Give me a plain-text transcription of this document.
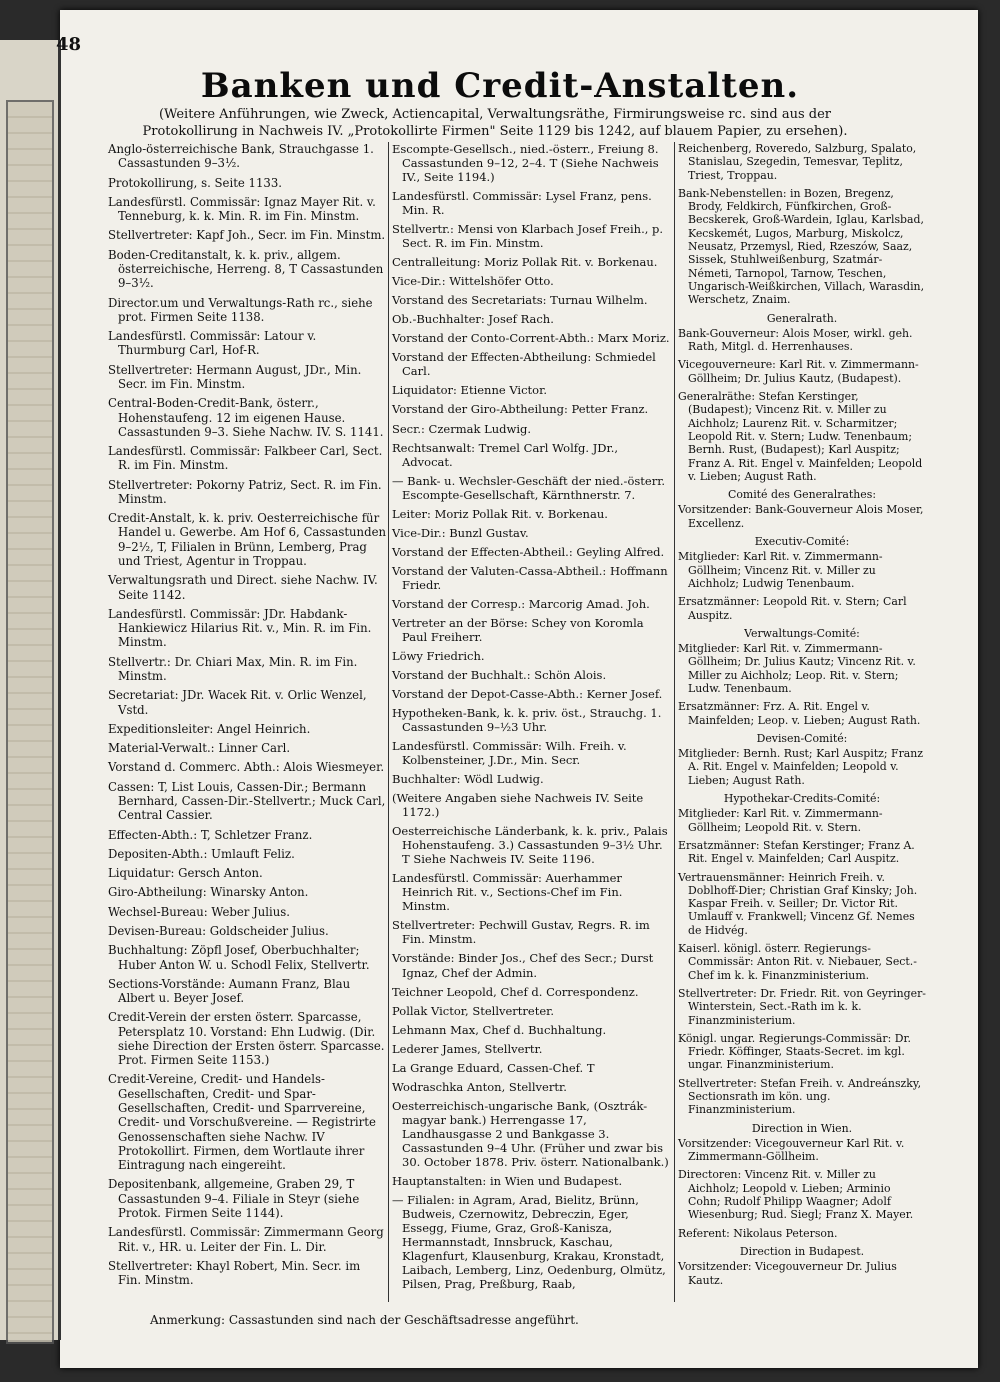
48
Banken und Credit-Anstalten.
(Weitere Anführungen, wie Zweck, Actiencapital, Verwaltungsräthe, Firmirungsweise rc. sind aus der Protokollirung in Nachweis IV. „Protokollirte Firmen" Seite 1129 bis 1242, auf blauem Papier, zu ersehen).
Anglo-österreichische Bank, Strauchgasse 1. Cassastunden 9–3½.
Protokollirung, s. Seite 1133.
Landesfürstl. Commissär: Ignaz Mayer Rit. v. Tenneburg, k. k. Min. R. im Fin. Minstm.
Stellvertreter: Kapf Joh., Secr. im Fin. Minstm.
Boden-Creditanstalt, k. k. priv., allgem. österreichische, Herreng. 8, T Cassastunden 9–3½.
Director.um und Verwaltungs-Rath rc., siehe prot. Firmen Seite 1138.
Landesfürstl. Commissär: Latour v. Thurmburg Carl, Hof-R.
Stellvertreter: Hermann August, JDr., Min. Secr. im Fin. Minstm.
Central-Boden-Credit-Bank, österr., Hohenstaufeng. 12 im eigenen Hause. Cassastunden 9–3. Siehe Nachw. IV. S. 1141.
Landesfürstl. Commissär: Falkbeer Carl, Sect. R. im Fin. Minstm.
Stellvertreter: Pokorny Patriz, Sect. R. im Fin. Minstm.
Credit-Anstalt, k. k. priv. Oesterreichische für Handel u. Gewerbe. Am Hof 6, Cassastunden 9–2½, T, Filialen in Brünn, Lemberg, Prag und Triest, Agentur in Troppau.
Verwaltungsrath und Direct. siehe Nachw. IV. Seite 1142.
Landesfürstl. Commissär: JDr. Habdank-Hankiewicz Hilarius Rit. v., Min. R. im Fin. Minstm.
Stellvertr.: Dr. Chiari Max, Min. R. im Fin. Minstm.
Secretariat: JDr. Wacek Rit. v. Orlic Wenzel, Vstd.
Expeditionsleiter: Angel Heinrich.
Material-Verwalt.: Linner Carl.
Vorstand d. Commerc. Abth.: Alois Wiesmeyer.
Cassen: T, List Louis, Cassen-Dir.; Bermann Bernhard, Cassen-Dir.-Stellvertr.; Muck Carl, Central Cassier.
Effecten-Abth.: T, Schletzer Franz.
Depositen-Abth.: Umlauft Feliz.
Liquidatur: Gersch Anton.
Giro-Abtheilung: Winarsky Anton.
Wechsel-Bureau: Weber Julius.
Devisen-Bureau: Goldscheider Julius.
Buchhaltung: Zöpfl Josef, Oberbuchhalter; Huber Anton W. u. Schodl Felix, Stellvertr.
Sections-Vorstände: Aumann Franz, Blau Albert u. Beyer Josef.
Credit-Verein der ersten österr. Sparcasse, Petersplatz 10. Vorstand: Ehn Ludwig. (Dir. siehe Direction der Ersten österr. Sparcasse. Prot. Firmen Seite 1153.)
Credit-Vereine, Credit- und Handels-Gesellschaften, Credit- und Spar-Gesellschaften, Credit- und Sparrvereine, Credit- und Vorschußvereine. — Registrirte Genossenschaften siehe Nachw. IV Protokollirt. Firmen, dem Wortlaute ihrer Eintragung nach eingereiht.
Depositenbank, allgemeine, Graben 29, T Cassastunden 9–4. Filiale in Steyr (siehe Protok. Firmen Seite 1144).
Landesfürstl. Commissär: Zimmermann Georg Rit. v., HR. u. Leiter der Fin. L. Dir.
Stellvertreter: Khayl Robert, Min. Secr. im Fin. Minstm.
Escompte-Gesellsch., nied.-österr., Freiung 8. Cassastunden 9–12, 2–4. T (Siehe Nachweis IV., Seite 1194.)
Landesfürstl. Commissär: Lysel Franz, pens. Min. R.
Stellvertr.: Mensi von Klarbach Josef Freih., p. Sect. R. im Fin. Minstm.
Centralleitung: Moriz Pollak Rit. v. Borkenau.
Vice-Dir.: Wittelshöfer Otto.
Vorstand des Secretariats: Turnau Wilhelm.
Ob.-Buchhalter: Josef Rach.
Vorstand der Conto-Corrent-Abth.: Marx Moriz.
Vorstand der Effecten-Abtheilung: Schmiedel Carl.
Liquidator: Etienne Victor.
Vorstand der Giro-Abtheilung: Petter Franz.
Secr.: Czermak Ludwig.
Rechtsanwalt: Tremel Carl Wolfg. JDr., Advocat.
— Bank- u. Wechsler-Geschäft der nied.-österr. Escompte-Gesellschaft, Kärnthnerstr. 7.
Leiter: Moriz Pollak Rit. v. Borkenau.
Vice-Dir.: Bunzl Gustav.
Vorstand der Effecten-Abtheil.: Geyling Alfred.
Vorstand der Valuten-Cassa-Abtheil.: Hoffmann Friedr.
Vorstand der Corresp.: Marcorig Amad. Joh.
Vertreter an der Börse: Schey von Koromla Paul Freiherr.
Löwy Friedrich.
Vorstand der Buchhalt.: Schön Alois.
Vorstand der Depot-Casse-Abth.: Kerner Josef.
Hypotheken-Bank, k. k. priv. öst., Strauchg. 1. Cassastunden 9–½3 Uhr.
Landesfürstl. Commissär: Wilh. Freih. v. Kolbensteiner, J.Dr., Min. Secr.
Buchhalter: Wödl Ludwig.
(Weitere Angaben siehe Nachweis IV. Seite 1172.)
Oesterreichische Länderbank, k. k. priv., Palais Hohenstaufeng. 3.) Cassastunden 9–3½ Uhr. T Siehe Nachweis IV. Seite 1196.
Landesfürstl. Commissär: Auerhammer Heinrich Rit. v., Sections-Chef im Fin. Minstm.
Stellvertreter: Pechwill Gustav, Regrs. R. im Fin. Minstm.
Vorstände: Binder Jos., Chef des Secr.; Durst Ignaz, Chef der Admin.
Teichner Leopold, Chef d. Correspondenz.
Pollak Victor, Stellvertreter.
Lehmann Max, Chef d. Buchhaltung.
Lederer James, Stellvertr.
La Grange Eduard, Cassen-Chef. T
Wodraschka Anton, Stellvertr.
Oesterreichisch-ungarische Bank, (Osztrák-magyar bank.) Herrengasse 17, Landhausgasse 2 und Bankgasse 3. Cassastunden 9–4 Uhr. (Früher und zwar bis 30. October 1878. Priv. österr. Nationalbank.)
Hauptanstalten: in Wien und Budapest.
— Filialen: in Agram, Arad, Bielitz, Brünn, Budweis, Czernowitz, Debreczin, Eger, Essegg, Fiume, Graz, Groß-Kanisza, Hermannstadt, Innsbruck, Kaschau, Klagenfurt, Klausenburg, Krakau, Kronstadt, Laibach, Lemberg, Linz, Oedenburg, Olmütz, Pilsen, Prag, Preßburg, Raab,
Reichenberg, Roveredo, Salzburg, Spalato, Stanislau, Szegedin, Temesvar, Teplitz, Triest, Troppau.
Bank-Nebenstellen: in Bozen, Bregenz, Brody, Feldkirch, Fünfkirchen, Groß-Becskerek, Groß-Wardein, Iglau, Karlsbad, Kecskemét, Lugos, Marburg, Miskolcz, Neusatz, Przemysl, Ried, Rzeszów, Saaz, Sissek, Stuhlweißenburg, Szatmár-Németi, Tarnopol, Tarnow, Teschen, Ungarisch-Weißkirchen, Villach, Warasdin, Werschetz, Znaim.
Generalrath.
Bank-Gouverneur: Alois Moser, wirkl. geh. Rath, Mitgl. d. Herrenhauses.
Vicegouverneure: Karl Rit. v. Zimmermann-Göllheim; Dr. Julius Kautz, (Budapest).
Generalräthe: Stefan Kerstinger, (Budapest); Vincenz Rit. v. Miller zu Aichholz; Laurenz Rit. v. Scharmitzer; Leopold Rit. v. Stern; Ludw. Tenenbaum; Bernh. Rust, (Budapest); Karl Auspitz; Franz A. Rit. Engel v. Mainfelden; Leopold v. Lieben; August Rath.
Comité des Generalrathes:
Vorsitzender: Bank-Gouverneur Alois Moser, Excellenz.
Executiv-Comité:
Mitglieder: Karl Rit. v. Zimmermann-Göllheim; Vincenz Rit. v. Miller zu Aichholz; Ludwig Tenenbaum.
Ersatzmänner: Leopold Rit. v. Stern; Carl Auspitz.
Verwaltungs-Comité:
Mitglieder: Karl Rit. v. Zimmermann-Göllheim; Dr. Julius Kautz; Vincenz Rit. v. Miller zu Aichholz; Leop. Rit. v. Stern; Ludw. Tenenbaum.
Ersatzmänner: Frz. A. Rit. Engel v. Mainfelden; Leop. v. Lieben; August Rath.
Devisen-Comité:
Mitglieder: Bernh. Rust; Karl Auspitz; Franz A. Rit. Engel v. Mainfelden; Leopold v. Lieben; August Rath.
Hypothekar-Credits-Comité:
Mitglieder: Karl Rit. v. Zimmermann-Göllheim; Leopold Rit. v. Stern.
Ersatzmänner: Stefan Kerstinger; Franz A. Rit. Engel v. Mainfelden; Carl Auspitz.
Vertrauensmänner: Heinrich Freih. v. Doblhoff-Dier; Christian Graf Kinsky; Joh. Kaspar Freih. v. Seiller; Dr. Victor Rit. Umlauff v. Frankwell; Vincenz Gf. Nemes de Hidvég.
Kaiserl. königl. österr. Regierungs-Commissär: Anton Rit. v. Niebauer, Sect.-Chef im k. k. Finanzministerium.
Stellvertreter: Dr. Friedr. Rit. von Geyringer-Winterstein, Sect.-Rath im k. k. Finanzministerium.
Königl. ungar. Regierungs-Commissär: Dr. Friedr. Köffinger, Staats-Secret. im kgl. ungar. Finanzministerium.
Stellvertreter: Stefan Freih. v. Andreánszky, Sectionsrath im kön. ung. Finanzministerium.
Direction in Wien.
Vorsitzender: Vicegouverneur Karl Rit. v. Zimmermann-Göllheim.
Directoren: Vincenz Rit. v. Miller zu Aichholz; Leopold v. Lieben; Arminio Cohn; Rudolf Philipp Waagner; Adolf Wiesenburg; Rud. Siegl; Franz X. Mayer.
Referent: Nikolaus Peterson.
Direction in Budapest.
Vorsitzender: Vicegouverneur Dr. Julius Kautz.
Anmerkung: Cassastunden sind nach der Geschäftsadresse angeführt.
